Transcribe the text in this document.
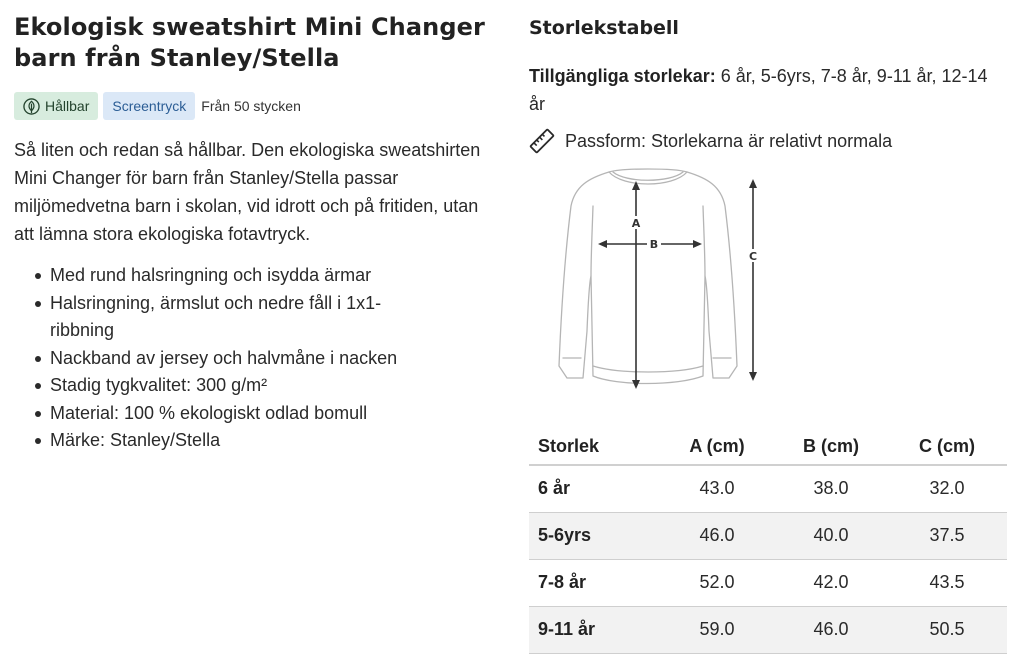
Ekologisk sweatshirt Mini Changer barn från Stanley/Stella
Hållbar	Screentryck	Från 50 stycken

Så liten och redan så hållbar. Den ekologiska sweatshirten Mini Changer för barn från Stanley/Stella passar miljömedvetna barn i skolan, vid idrott och på fritiden, utan att lämna stora ekologiska fotavtryck.

Med rund halsringning och isydda ärmar
Halsringning, ärmslut och nedre fåll i 1x1-ribbning
Nackband av jersey och halvmåne i nacken
Stadig tygkvalitet: 300 g/m²
Material: 100 % ekologiskt odlad bomull
Märke: Stanley/Stella
Storlekstabell

Tillgängliga storlekar: 6 år, 5-6yrs, 7-8 år, 9-11 år, 12-14 år

Passform: Storlekarna är relativt normala
A
B
C
Storlek	A (cm)	B (cm)	C (cm)
6 år	43.0	38.0	32.0
5-6yrs	46.0	40.0	37.5
7-8 år	52.0	42.0	43.5
9-11 år	59.0	46.0	50.5
